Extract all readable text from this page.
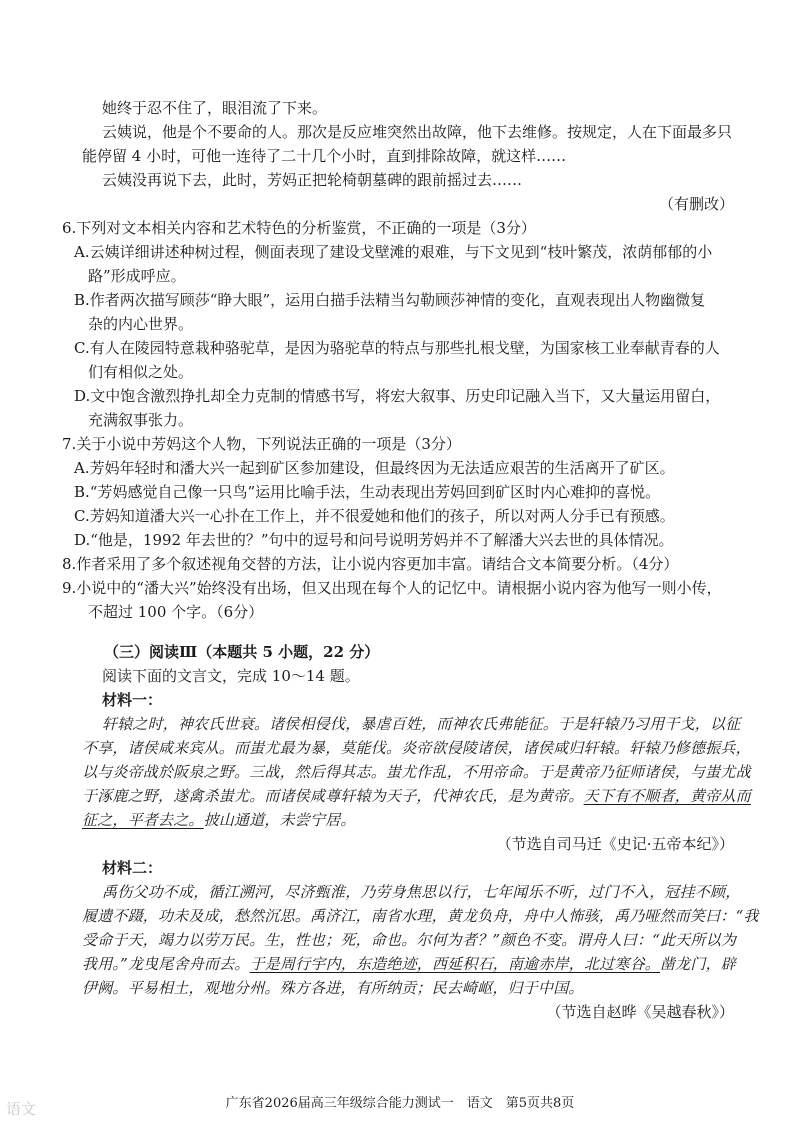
她终于忍不住了，眼泪流了下来。
云姨说，他是个不要命的人。那次是反应堆突然出故障，他下去维修。按规定，人在下面最多只
能停留 4 小时，可他一连待了二十几个小时，直到排除故障，就这样……
云姨没再说下去，此时，芳妈正把轮椅朝墓碑的跟前摇过去……
（有删改）
6.下列对文本相关内容和艺术特色的分析鉴赏，不正确的一项是（3分）
A.云姨详细讲述种树过程，侧面表现了建设戈壁滩的艰难，与下文见到“枝叶繁茂，浓荫郁郁的小
路”形成呼应。
B.作者两次描写顾莎“睁大眼”，运用白描手法精当勾勒顾莎神情的变化，直观表现出人物幽微复
杂的内心世界。
C.有人在陵园特意栽种骆驼草，是因为骆驼草的特点与那些扎根戈壁，为国家核工业奉献青春的人
们有相似之处。
D.文中饱含激烈挣扎却全力克制的情感书写，将宏大叙事、历史印记融入当下，又大量运用留白，
充满叙事张力。
7.关于小说中芳妈这个人物，下列说法正确的一项是（3分）
A.芳妈年轻时和潘大兴一起到矿区参加建设，但最终因为无法适应艰苦的生活离开了矿区。
B.“芳妈感觉自己像一只鸟”运用比喻手法，生动表现出芳妈回到矿区时内心难抑的喜悦。
C.芳妈知道潘大兴一心扑在工作上，并不很爱她和他们的孩子，所以对两人分手已有预感。
D.“他是，1992 年去世的？”句中的逗号和问号说明芳妈并不了解潘大兴去世的具体情况。
8.作者采用了多个叙述视角交替的方法，让小说内容更加丰富。请结合文本简要分析。（4分）
9.小说中的“潘大兴”始终没有出场，但又出现在每个人的记忆中。请根据小说内容为他写一则小传，
不超过 100 个字。（6分）
（三）阅读Ⅲ（本题共 5 小题，22 分）
阅读下面的文言文，完成 10～14 题。
材料一：
轩辕之时，神农氏世衰。诸侯相侵伐，暴虐百姓，而神农氏弗能征。于是轩辕乃习用干戈，以征
不享，诸侯咸来宾从。而蚩尤最为暴，莫能伐。炎帝欲侵陵诸侯，诸侯咸归轩辕。轩辕乃修德振兵，
以与炎帝战於阪泉之野。三战，然后得其志。蚩尤作乱，不用帝命。于是黄帝乃征师诸侯，与蚩尤战
于涿鹿之野，遂禽杀蚩尤。而诸侯咸尊轩辕为天子，代神农氏，是为黄帝。天下有不顺者，黄帝从而
征之，平者去之。披山通道，未尝宁居。
（节选自司马迁《史记·五帝本纪》）
材料二：
禹伤父功不成，循江溯河，尽济甄淮，乃劳身焦思以行，七年闻乐不听，过门不入，冠挂不顾，
履遗不蹑，功未及成，愁然沉思。禹济江，南省水理，黄龙负舟，舟中人怖骇，禹乃哑然而笑曰：“我
受命于天，竭力以劳万民。生，性也；死，命也。尔何为者？”颜色不变。谓舟人曰：“此天所以为
我用。”龙曳尾舍舟而去。于是周行宇内，东造绝迹，西延积石，南逾赤岸，北过寒谷。凿龙门，辟
伊阙。平易相土，观地分州。殊方各进，有所纳贡；民去崎岖，归于中国。
（节选自赵晔《吴越春秋》）
广东省2026届高三年级综合能力测试一　语文　第5页共8页
语文
